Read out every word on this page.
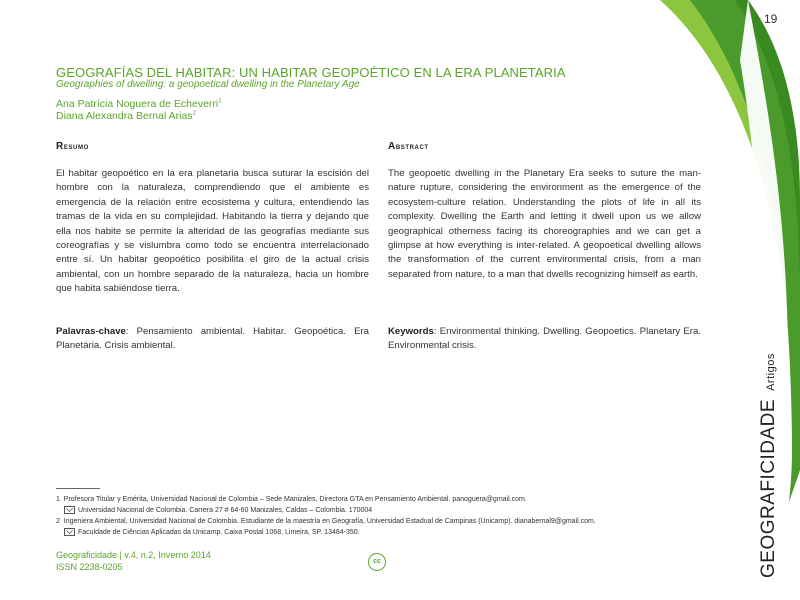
19
GEOGRAFÍAS DEL HABITAR: UN HABITAR GEOPOÉTICO EN LA ERA PLANETARIA
Geographies of dwelling: a geopoetical dwelling in the Planetary Age
Ana Patrícia Noguera de Echeverri$^1$
Diana Alexandra Bernal Arias$^2$
Resumo
El habitar geopoético en la era planetaria busca suturar la escisión del hombre con la naturaleza, comprendiendo que el ambiente es emergencia de la relación entre ecosistema y cultura, entendiendo las tramas de la vida en su complejidad. Habitando la tierra y dejando que ella nos habite se permite la alteridad de las geografías mediante sus coreografías y se vislumbra como todo se encuentra interrelacionado entre sí. Un habitar geopoético posibilita el giro de la actual crisis ambiental, con un hombre separado de la naturaleza, hacia un hombre que habita sabiéndose tierra.
Palavras-chave: Pensamiento ambiental. Habitar. Geopoética. Era Planetária. Crisis ambiental.
Abstract
The geopoetic dwelling in the Planetary Era seeks to suture the man-nature rupture, considering the environment as the emergence of the ecosystem-culture relation. Understanding the plots of life in all its complexity. Dwelling the Earth and letting it dwell upon us we allow geographical otherness facing its choreographies and we can get a glimpse at how everything is inter-related. A geopoetical dwelling allows the transformation of the current environmental crisis, from a man separated from nature, to a man that dwells recognizing himself as earth.
Keywords: Environmental thinking. Dwelling. Geopoetics. Planetary Era. Environmental crisis.
1 Profesora Titular y Emérita, Universidad Nacional de Colombia – Sede Manizales, Directora GTA en Pensamiento Ambiental. panoguera@gmail.com.
Universidad Nacional de Colombia. Carrera 27 # 64-60 Manizales, Caldas – Colombia. 170004
2 Ingeniera Ambiental, Universidad Nacional de Colombia. Estudiante de la maestría en Geografía, Universidad Estadual de Campinas (Unicamp). dianabernal9@gmail.com.
Faculdade de Ciências Aplicadas da Unicamp. Caixa Postal 1068, Limeira, SP. 13484-350.
Geograficidade | v.4, n.2, Inverno 2014
ISSN 2238-0205
cc	GEOGRAFICIDADEArtigos
